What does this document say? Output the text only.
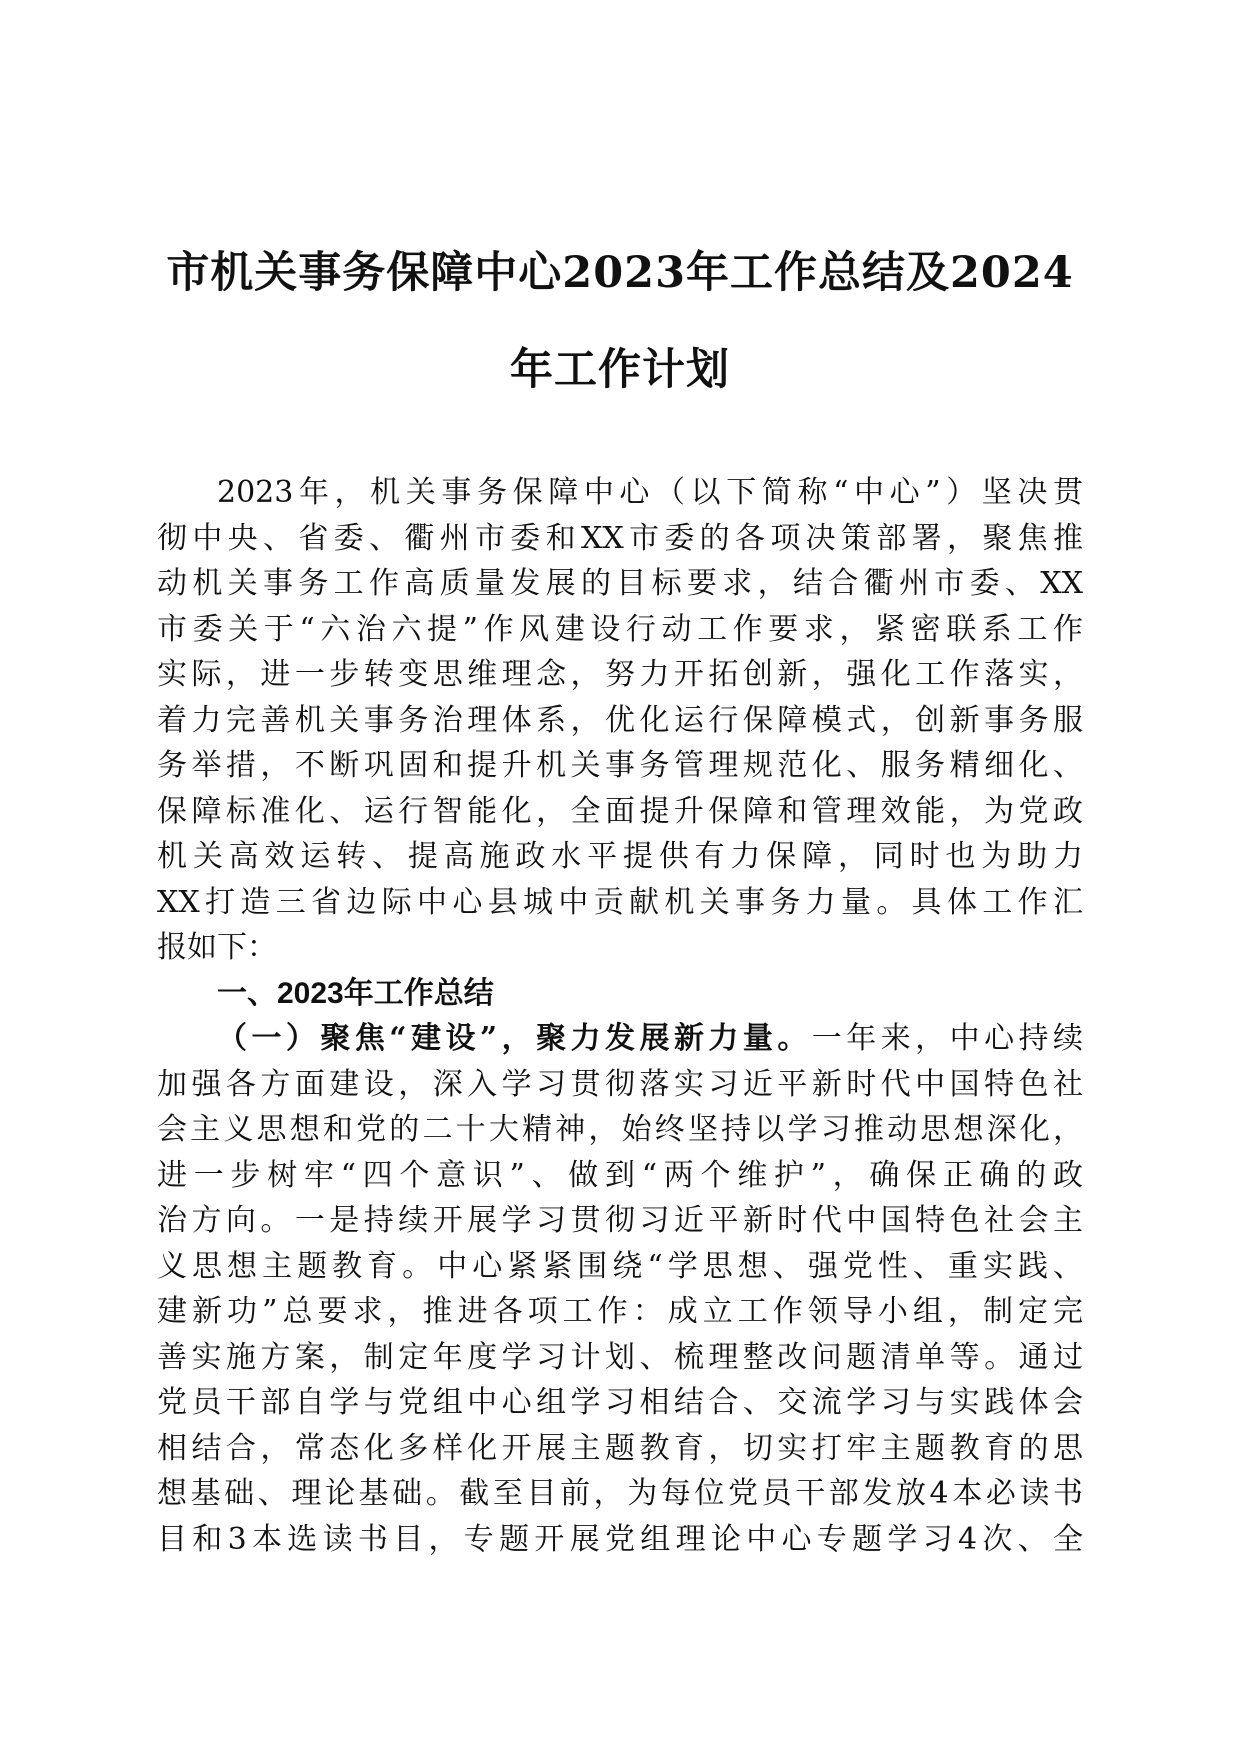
市机关事务保障中心2023年工作总结及2024
年工作计划
2023年，机关事务保障中心（以下简称“中心”）坚决贯
彻中央、省委、衢州市委和XX市委的各项决策部署，聚焦推
动机关事务工作高质量发展的目标要求，结合衢州市委、XX
市委关于“六治六提”作风建设行动工作要求，紧密联系工作
实际，进一步转变思维理念，努力开拓创新，强化工作落实，
着力完善机关事务治理体系，优化运行保障模式，创新事务服
务举措，不断巩固和提升机关事务管理规范化、服务精细化、
保障标准化、运行智能化，全面提升保障和管理效能，为党政
机关高效运转、提高施政水平提供有力保障，同时也为助力
XX打造三省边际中心县城中贡献机关事务力量。具体工作汇
报如下：
一、2023年工作总结
（一）聚焦“建设”，聚力发展新力量。一年来，中心持续
加强各方面建设，深入学习贯彻落实习近平新时代中国特色社
会主义思想和党的二十大精神，始终坚持以学习推动思想深化，
进一步树牢“四个意识”、做到“两个维护”，确保正确的政
治方向。一是持续开展学习贯彻习近平新时代中国特色社会主
义思想主题教育。中心紧紧围绕“学思想、强党性、重实践、
建新功”总要求，推进各项工作：成立工作领导小组，制定完
善实施方案，制定年度学习计划、梳理整改问题清单等。通过
党员干部自学与党组中心组学习相结合、交流学习与实践体会
相结合，常态化多样化开展主题教育，切实打牢主题教育的思
想基础、理论基础。截至目前，为每位党员干部发放4本必读书
目和3本选读书目，专题开展党组理论中心专题学习4次、全
